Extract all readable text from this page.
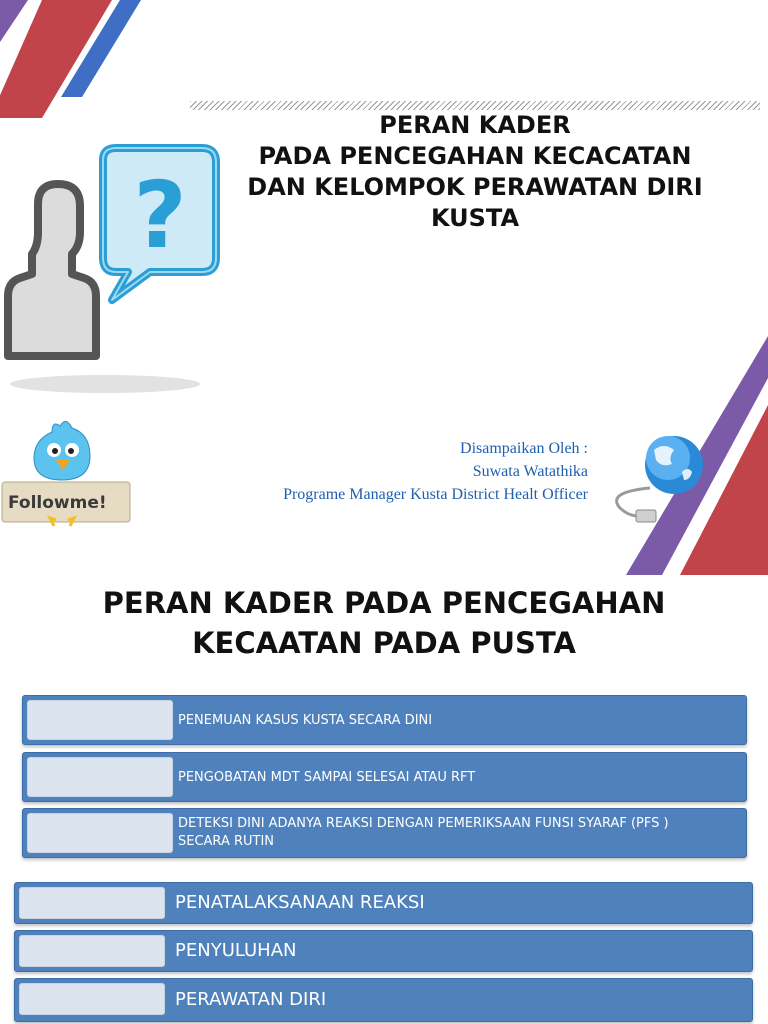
?
Followme!
PERAN KADER
PADA PENCEGAHAN KECACATAN
DAN KELOMPOK PERAWATAN DIRI
KUSTA
Disampaikan Oleh :
Suwata Watathika
Programe Manager Kusta District Healt Officer
PERAN KADER PADA PENCEGAHAN
KECAATAN PADA PUSTA
PENEMUAN KASUS KUSTA SECARA DINI
PENGOBATAN MDT SAMPAI SELESAI ATAU RFT
DETEKSI DINI ADANYA REAKSI DENGAN PEMERIKSAAN FUNSI SYARAF (PFS )
SECARA RUTIN
PENATALAKSANAAN REAKSI
PENYULUHAN
PERAWATAN DIRI
